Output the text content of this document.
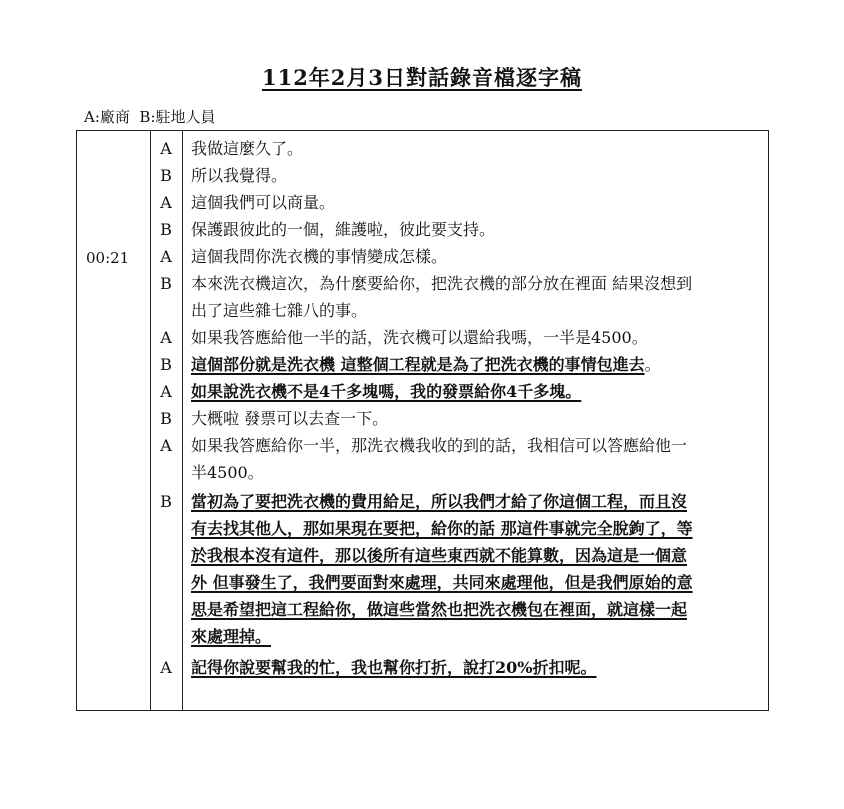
112年2月3日對話錄音檔逐字稿
A:廠商  B:駐地人員
00:21
A	我做這麼久了。
B	所以我覺得。
A	這個我們可以商量。
B	保護跟彼此的一個，維護啦，彼此要支持。
A	這個我問你洗衣機的事情變成怎樣。
B	本來洗衣機這次，為什麼要給你，把洗衣機的部分放在裡面 結果沒想到
出了這些雜七雜八的事。
A	如果我答應給他一半的話，洗衣機可以還給我嗎，一半是4500。
B	這個部份就是洗衣機 這整個工程就是為了把洗衣機的事情包進去。
A	如果說洗衣機不是4千多塊嗎，我的發票給你4千多塊。
B	大概啦 發票可以去查一下。
A	如果我答應給你一半，那洗衣機我收的到的話，我相信可以答應給他一
半4500。
B	當初為了要把洗衣機的費用給足，所以我們才給了你這個工程，而且沒
有去找其他人，那如果現在要把，給你的話 那這件事就完全脫鉤了，等
於我根本沒有這件，那以後所有這些東西就不能算數，因為這是一個意
外 但事發生了，我們要面對來處理，共同來處理他，但是我們原始的意
思是希望把這工程給你，做這些當然也把洗衣機包在裡面，就這樣一起
來處理掉。
A	記得你說要幫我的忙，我也幫你打折，說打20%折扣呢。
